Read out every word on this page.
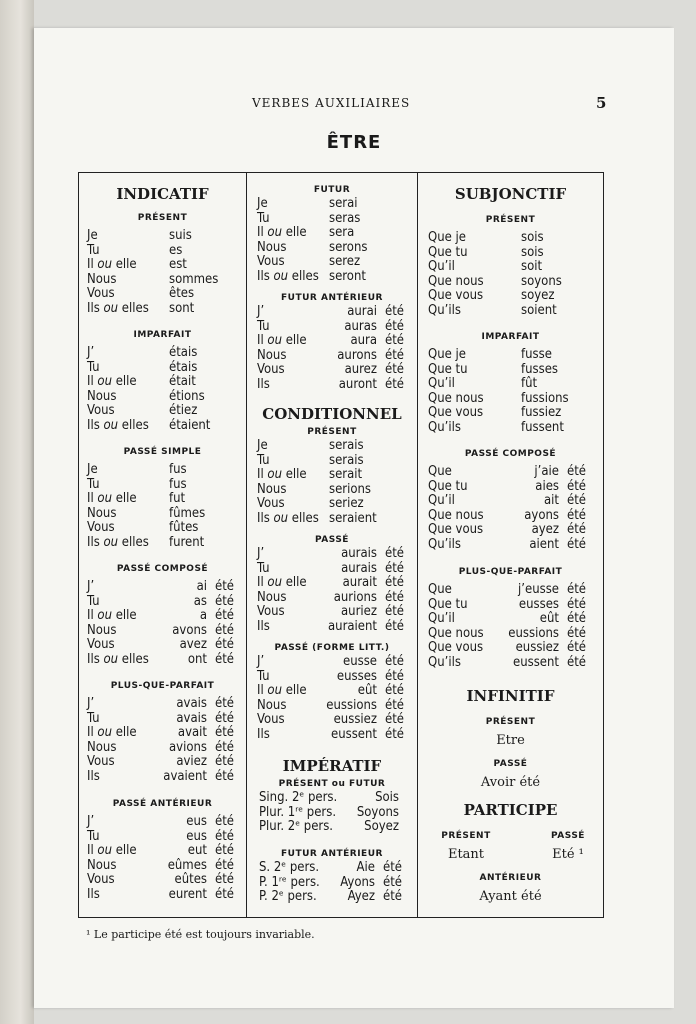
VERBES AUXILIAIRES	5
ÊTRE
INDICATIF
PRÉSENT
Je	suis
Tu	es
Il ou elle est
Nous	sommes
Vous	êtes
Ils ou elles sont
IMPARFAIT
J’	étais
Tu	étais
Il ou elle était
Nous	étions
Vous	étiez
Ils ou elles étaient
PASSÉ SIMPLE
Je	fus
Tu	fus
Il ou elle fut
Nous	fûmes
Vous	fûtes
Ils ou elles furent
PASSÉ COMPOSÉ
J’	ai été
Tu	as été
Il ou elle	a été
Nous	avons été
Vous	avez été
Ils ou elles	ont été
PLUS-QUE-PARFAIT
J’	avais été
Tu	avais été
Il ou elle	avait été
Nous	avions été
Vous	aviez été
Ils	avaient été
PASSÉ ANTÉRIEUR
J’	eus été
Tu	eus été
Il ou elle	eut été
Nous	eûmes été
Vous	eûtes été
Ils	eurent été
FUTUR
Je	serai
Tu	seras
Il ou elle sera
Nous	serons
Vous	serez
Ils ou elles seront
FUTUR ANTÉRIEUR
J’	aurai été
Tu	auras été
Il ou elle	aura été
Nous	aurons été
Vous	aurez été
Ils	auront été
CONDITIONNEL
PRÉSENT
Je	serais
Tu	serais
Il ou elle serait
Nous	serions
Vous	seriez
Ils ou elles seraient
PASSÉ
J’	aurais été
Tu	aurais été
Il ou elle	aurait été
Nous	aurions été
Vous	auriez été
Ils	auraient été
PASSÉ (FORME LITT.)
J’	eusse été
Tu	eusses été
Il ou elle	eût été
Nous	eussions été
Vous	eussiez été
Ils	eussent été
IMPÉRATIF
PRÉSENT ou FUTUR
Sing. 2ᵉ pers.	Sois
Plur. 1ʳᵉ pers. Soyons
Plur. 2ᵉ pers. Soyez
FUTUR ANTÉRIEUR
S. 2ᵉ pers.	Aie été
P. 1ʳᵉ pers. Ayons été
P. 2ᵉ pers. Ayez été
SUBJONCTIF
PRÉSENT
Que je	sois
Que tu	sois
Qu’il	soit
Que nous	soyons
Que vous	soyez
Qu’ils	soient
IMPARFAIT
Que je	fusse
Que tu	fusses
Qu’il	fût
Que nous	fussions
Que vous	fussiez
Qu’ils	fussent
PASSÉ COMPOSÉ
Que	j’aie été
Que tu	aies été
Qu’il	ait été
Que nous	ayons été
Que vous	ayez été
Qu’ils	aient été
PLUS-QUE-PARFAIT
Que	j’eusse été
Que tu	eusses été
Qu’il	eût été
Que nous eussions été
Que vous eussiez été
Qu’ils	eussent été
INFINITIF
PRÉSENT
Etre
PASSÉ
Avoir été
PARTICIPE
PRÉSENT	PASSÉ
Etant	Eté ¹
ANTÉRIEUR
Ayant été
¹ Le participe été est toujours invariable.
